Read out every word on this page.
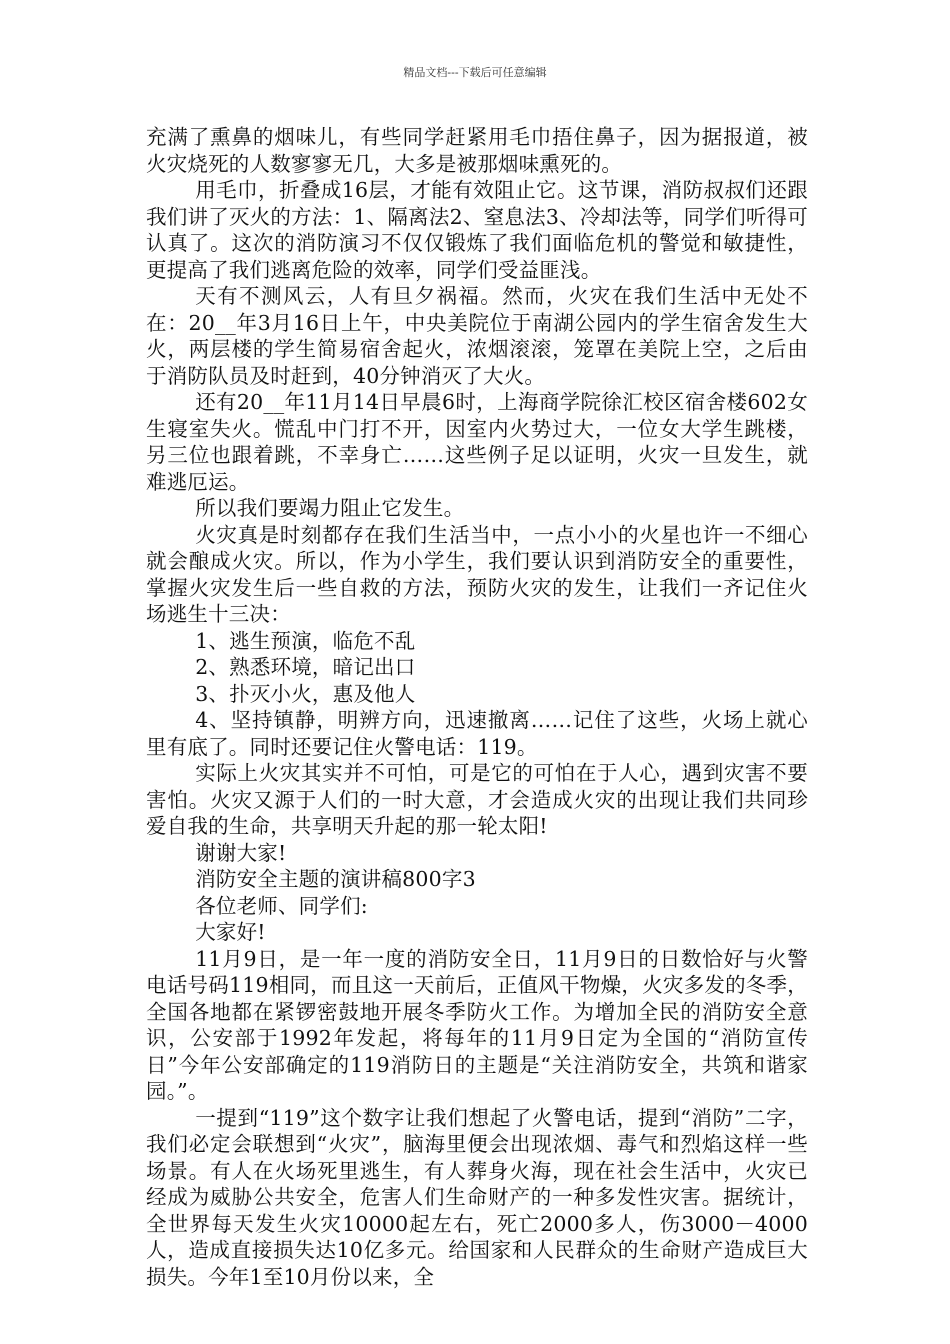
精品文档---下载后可任意编辑

充满了熏鼻的烟味儿，有些同学赶紧用毛巾捂住鼻子，因为据报道，被火灾烧死的人数寥寥无几，大多是被那烟味熏死的。

用毛巾，折叠成16层，才能有效阻止它。这节课，消防叔叔们还跟我们讲了灭火的方法：1、隔离法2、窒息法3、冷却法等，同学们听得可认真了。这次的消防演习不仅仅锻炼了我们面临危机的警觉和敏捷性，更提高了我们逃离危险的效率，同学们受益匪浅。

天有不测风云，人有旦夕祸福。然而，火灾在我们生活中无处不在：20__年3月16日上午，中央美院位于南湖公园内的学生宿舍发生大火，两层楼的学生简易宿舍起火，浓烟滚滚，笼罩在美院上空，之后由于消防队员及时赶到，40分钟消灭了大火。

还有20__年11月14日早晨6时，上海商学院徐汇校区宿舍楼602女生寝室失火。慌乱中门打不开，因室内火势过大，一位女大学生跳楼，另三位也跟着跳，不幸身亡……这些例子足以证明，火灾一旦发生，就难逃厄运。

所以我们要竭力阻止它发生。

火灾真是时刻都存在我们生活当中，一点小小的火星也许一不细心就会酿成火灾。所以，作为小学生，我们要认识到消防安全的重要性，掌握火灾发生后一些自救的方法，预防火灾的发生，让我们一齐记住火场逃生十三决：

1、逃生预演，临危不乱

2、熟悉环境，暗记出口

3、扑灭小火，惠及他人

4、坚持镇静，明辨方向，迅速撤离……记住了这些，火场上就心里有底了。同时还要记住火警电话：119。

实际上火灾其实并不可怕，可是它的可怕在于人心，遇到灾害不要害怕。火灾又源于人们的一时大意，才会造成火灾的出现让我们共同珍爱自我的生命，共享明天升起的那一轮太阳!

谢谢大家!

消防安全主题的演讲稿800字3

各位老师、同学们:

大家好!

11月9日，是一年一度的消防安全日，11月9日的日数恰好与火警电话号码119相同，而且这一天前后，正值风干物燥，火灾多发的冬季，全国各地都在紧锣密鼓地开展冬季防火工作。为增加全民的消防安全意识，公安部于1992年发起，将每年的11月9日定为全国的“消防宣传日”今年公安部确定的119消防日的主题是“关注消防安全，共筑和谐家园。”。

一提到“119”这个数字让我们想起了火警电话，提到“消防”二字，我们必定会联想到“火灾”，脑海里便会出现浓烟、毒气和烈焰这样一些场景。有人在火场死里逃生，有人葬身火海，现在社会生活中，火灾已经成为威胁公共安全，危害人们生命财产的一种多发性灾害。据统计，全世界每天发生火灾10000起左右，死亡2000多人，伤3000－4000人，造成直接损失达10亿多元。给国家和人民群众的生命财产造成巨大损失。今年1至10月份以来，全
